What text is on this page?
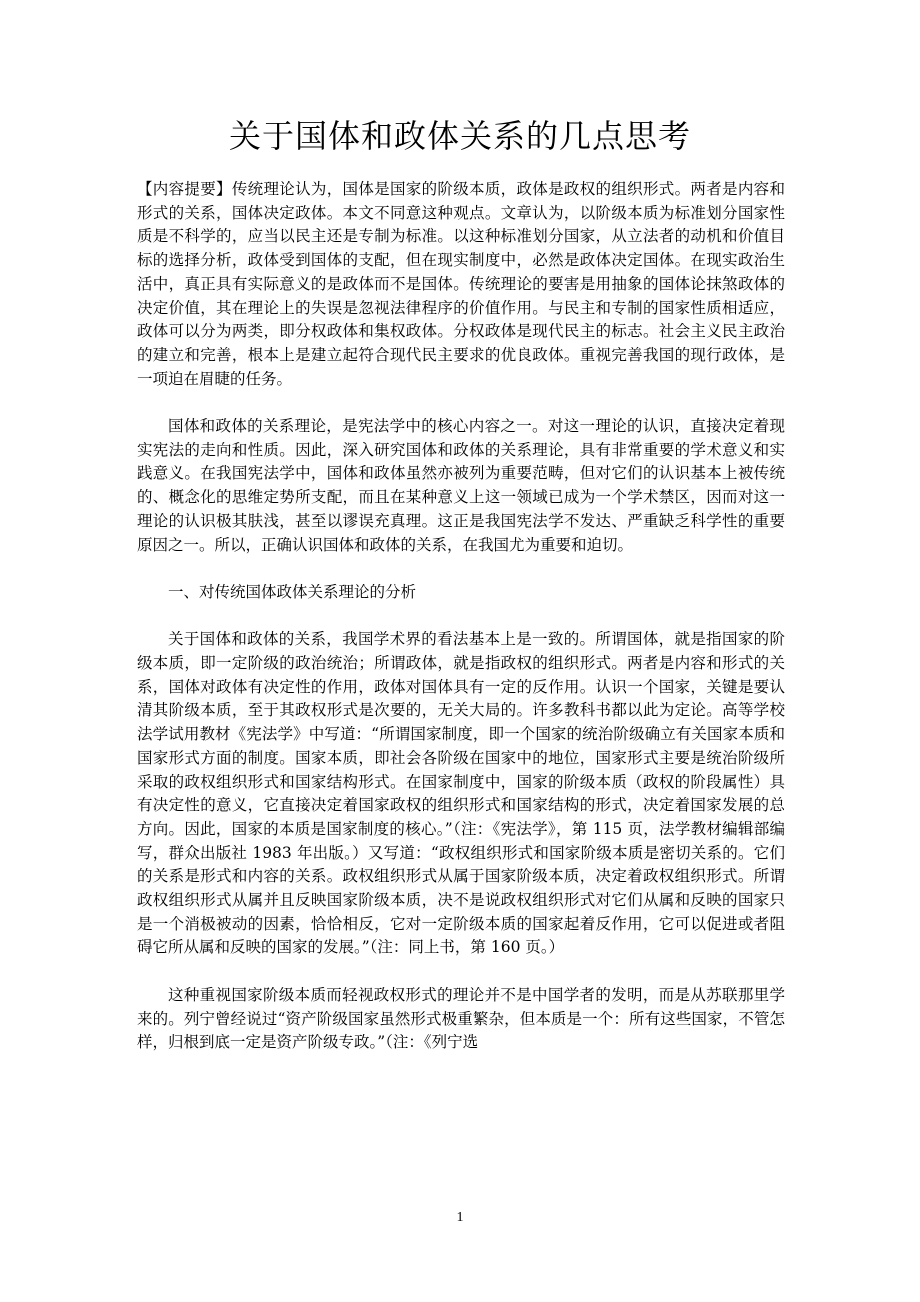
关于国体和政体关系的几点思考

【内容提要】传统理论认为，国体是国家的阶级本质，政体是政权的组织形式。两者是内容和形式的关系，国体决定政体。本文不同意这种观点。文章认为，以阶级本质为标准划分国家性质是不科学的，应当以民主还是专制为标准。以这种标准划分国家，从立法者的动机和价值目标的选择分析，政体受到国体的支配，但在现实制度中，必然是政体决定国体。在现实政治生活中，真正具有实际意义的是政体而不是国体。传统理论的要害是用抽象的国体论抹煞政体的决定价值，其在理论上的失误是忽视法律程序的价值作用。与民主和专制的国家性质相适应，政体可以分为两类，即分权政体和集权政体。分权政体是现代民主的标志。社会主义民主政治的建立和完善，根本上是建立起符合现代民主要求的优良政体。重视完善我国的现行政体，是一项迫在眉睫的任务。

国体和政体的关系理论，是宪法学中的核心内容之一。对这一理论的认识，直接决定着现实宪法的走向和性质。因此，深入研究国体和政体的关系理论，具有非常重要的学术意义和实践意义。在我国宪法学中，国体和政体虽然亦被列为重要范畴，但对它们的认识基本上被传统的、概念化的思维定势所支配，而且在某种意义上这一领域已成为一个学术禁区，因而对这一理论的认识极其肤浅，甚至以谬误充真理。这正是我国宪法学不发达、严重缺乏科学性的重要原因之一。所以，正确认识国体和政体的关系，在我国尤为重要和迫切。

一、对传统国体政体关系理论的分析

关于国体和政体的关系，我国学术界的看法基本上是一致的。所谓国体，就是指国家的阶级本质，即一定阶级的政治统治；所谓政体，就是指政权的组织形式。两者是内容和形式的关系，国体对政体有决定性的作用，政体对国体具有一定的反作用。认识一个国家，关键是要认清其阶级本质，至于其政权形式是次要的，无关大局的。许多教科书都以此为定论。高等学校法学试用教材《宪法学》中写道：“所谓国家制度，即一个国家的统治阶级确立有关国家本质和国家形式方面的制度。国家本质，即社会各阶级在国家中的地位，国家形式主要是统治阶级所采取的政权组织形式和国家结构形式。在国家制度中，国家的阶级本质（政权的阶段属性）具有决定性的意义，它直接决定着国家政权的组织形式和国家结构的形式，决定着国家发展的总方向。因此，国家的本质是国家制度的核心。”（注：《宪法学》，第 115 页，法学教材编辑部编写，群众出版社 1983 年出版。）又写道：“政权组织形式和国家阶级本质是密切关系的。它们的关系是形式和内容的关系。政权组织形式从属于国家阶级本质，决定着政权组织形式。所谓政权组织形式从属并且反映国家阶级本质，决不是说政权组织形式对它们从属和反映的国家只是一个消极被动的因素，恰恰相反，它对一定阶级本质的国家起着反作用，它可以促进或者阻碍它所从属和反映的国家的发展。”（注：同上书，第 160 页。）

这种重视国家阶级本质而轻视政权形式的理论并不是中国学者的发明，而是从苏联那里学来的。列宁曾经说过“资产阶级国家虽然形式极重繁杂，但本质是一个：所有这些国家，不管怎样，归根到底一定是资产阶级专政。”（注：《列宁选

1
